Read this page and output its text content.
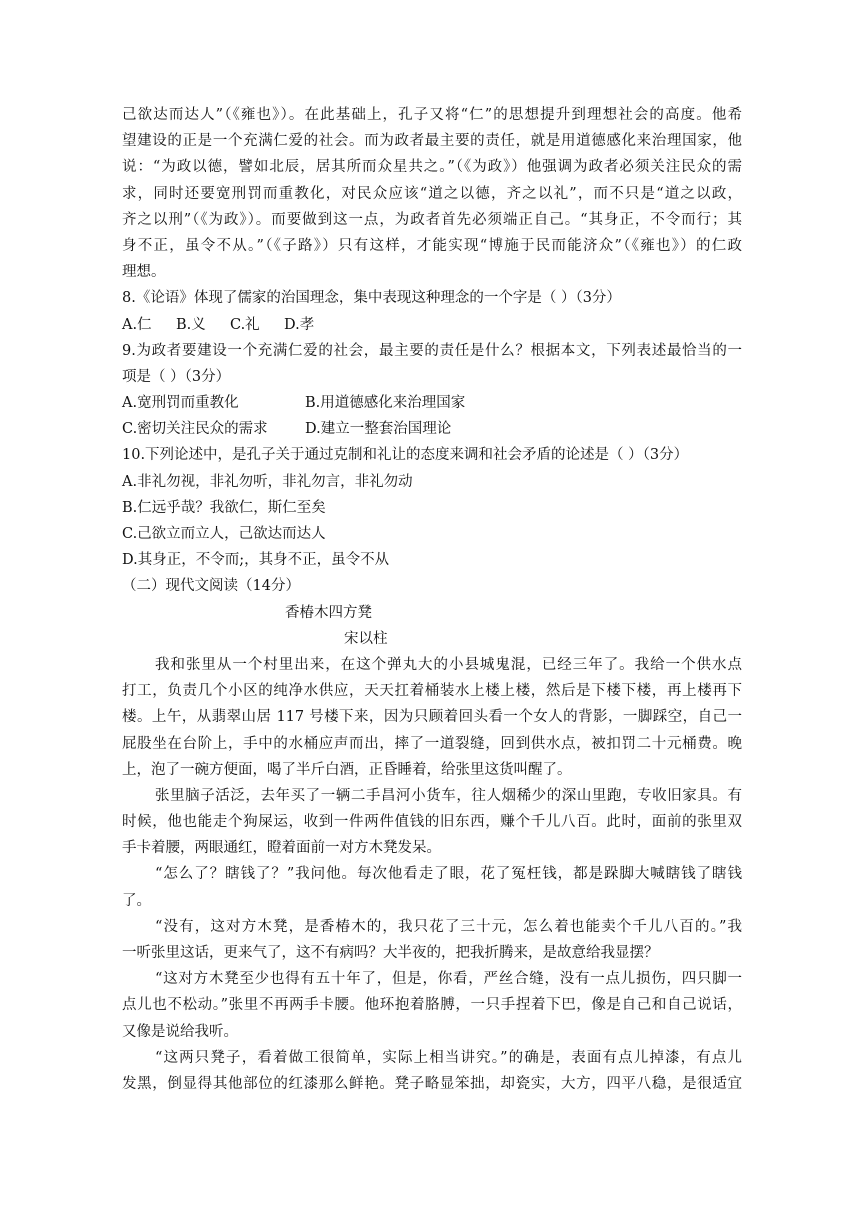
己欲达而达人”（《雍也》）。在此基础上，孔子又将“仁”的思想提升到理想社会的高度。他希
望建设的正是一个充满仁爱的社会。而为政者最主要的责任，就是用道德感化来治理国家，他
说：“为政以德，譬如北辰，居其所而众星共之。”（《为政》）他强调为政者必须关注民众的需
求，同时还要宽刑罚而重教化，对民众应该“道之以德，齐之以礼”，而不只是“道之以政，
齐之以刑”（《为政》）。而要做到这一点，为政者首先必须端正自己。“其身正，不令而行；其
身不正，虽令不从。”（《子路》）只有这样，才能实现“博施于民而能济众”（《雍也》）的仁政
理想。
8.《论语》体现了儒家的治国理念，集中表现这种理念的一个字是（ ）（3分）
A.仁 B.义 C.礼 D.孝
9.为政者要建设一个充满仁爱的社会，最主要的责任是什么？根据本文，下列表述最恰当的一
项是（ ）（3分）
A.宽刑罚而重教化	B.用道德感化来治理国家
C.密切关注民众的需求	D.建立一整套治国理论
10.下列论述中，是孔子关于通过克制和礼让的态度来调和社会矛盾的论述是（ ）（3分）
A.非礼勿视，非礼勿听，非礼勿言，非礼勿动
B.仁远乎哉？我欲仁，斯仁至矣
C.己欲立而立人，己欲达而达人
D.其身正，不令而;，其身不正，虽令不从
（二）现代文阅读（14分）
香椿木四方凳
宋以柱
我和张里从一个村里出来，在这个弹丸大的小县城鬼混，已经三年了。我给一个供水点
打工，负责几个小区的纯净水供应，天天扛着桶装水上楼上楼，然后是下楼下楼，再上楼再下
楼。上午，从翡翠山居 117 号楼下来，因为只顾着回头看一个女人的背影，一脚踩空，自己一
屁股坐在台阶上，手中的水桶应声而出，摔了一道裂缝，回到供水点，被扣罚二十元桶费。晚
上，泡了一碗方便面，喝了半斤白酒，正昏睡着，给张里这货叫醒了。
张里脑子活泛，去年买了一辆二手昌河小货车，往人烟稀少的深山里跑，专收旧家具。有
时候，他也能走个狗屎运，收到一件两件值钱的旧东西，赚个千儿八百。此时，面前的张里双
手卡着腰，两眼通红，瞪着面前一对方木凳发呆。
“怎么了？瞎钱了？”我问他。每次他看走了眼，花了冤枉钱，都是跺脚大喊瞎钱了瞎钱
了。
“没有，这对方木凳，是香椿木的，我只花了三十元，怎么着也能卖个千儿八百的。”我
一听张里这话，更来气了，这不有病吗？大半夜的，把我折腾来，是故意给我显摆？
“这对方木凳至少也得有五十年了，但是，你看，严丝合缝，没有一点儿损伤，四只脚一
点儿也不松动。”张里不再两手卡腰。他环抱着胳膊，一只手捏着下巴，像是自己和自己说话，
又像是说给我听。
“这两只凳子，看着做工很简单，实际上相当讲究。”的确是，表面有点儿掉漆，有点儿
发黑，倒显得其他部位的红漆那么鲜艳。凳子略显笨拙，却瓷实，大方，四平八稳，是很适宜
